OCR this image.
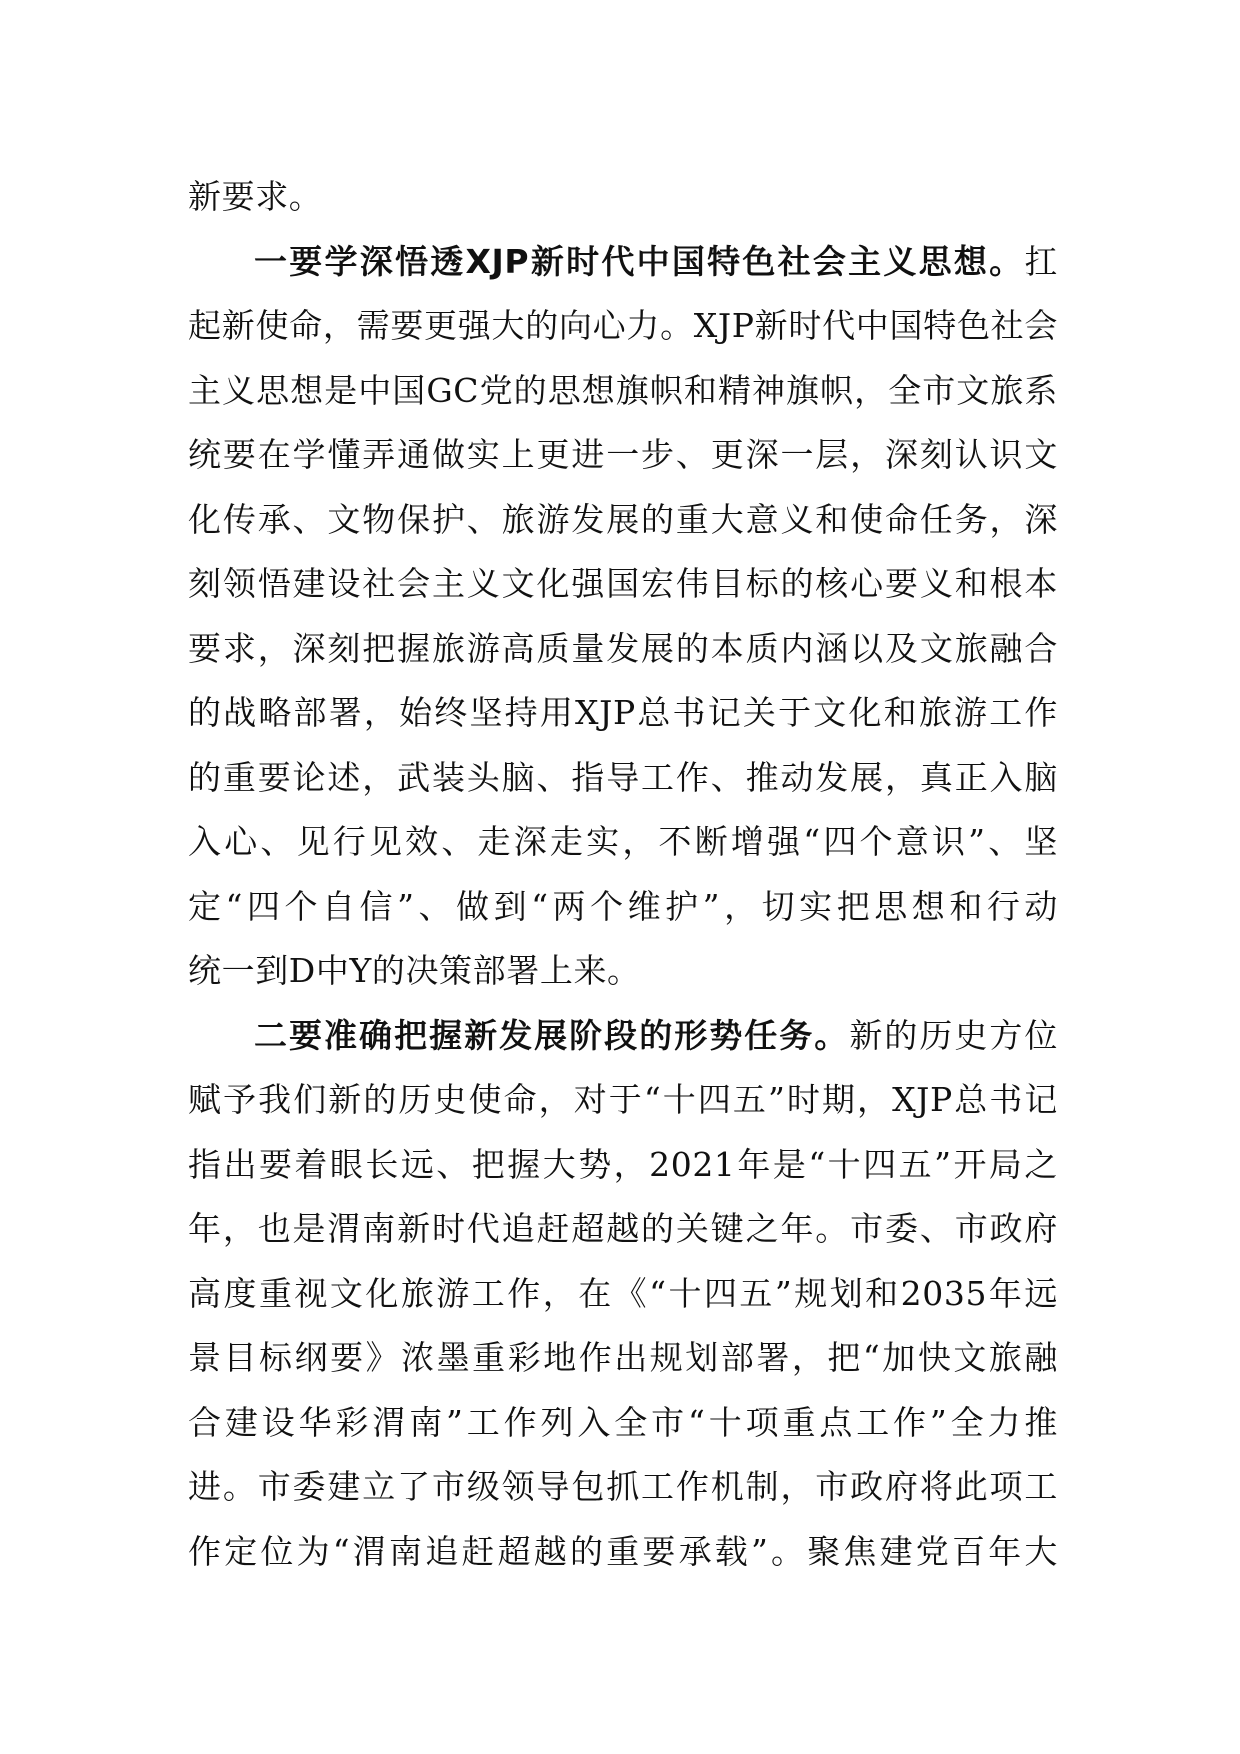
新要求。
一要学深悟透XJP新时代中国特色社会主义思想。扛
起新使命，需要更强大的向心力。XJP新时代中国特色社会
主义思想是中国GC党的思想旗帜和精神旗帜，全市文旅系
统要在学懂弄通做实上更进一步、更深一层，深刻认识文
化传承、文物保护、旅游发展的重大意义和使命任务，深
刻领悟建设社会主义文化强国宏伟目标的核心要义和根本
要求，深刻把握旅游高质量发展的本质内涵以及文旅融合
的战略部署，始终坚持用XJP总书记关于文化和旅游工作
的重要论述，武装头脑、指导工作、推动发展，真正入脑
入心、见行见效、走深走实，不断增强“四个意识”、坚
定“四个自信”、做到“两个维护”，切实把思想和行动
统一到D中Y的决策部署上来。
二要准确把握新发展阶段的形势任务。新的历史方位
赋予我们新的历史使命，对于“十四五”时期，XJP总书记
指出要着眼长远、把握大势，2021年是“十四五”开局之
年，也是渭南新时代追赶超越的关键之年。市委、市政府
高度重视文化旅游工作，在《“十四五”规划和2035年远
景目标纲要》浓墨重彩地作出规划部署，把“加快文旅融
合建设华彩渭南”工作列入全市“十项重点工作”全力推
进。市委建立了市级领导包抓工作机制，市政府将此项工
作定位为“渭南追赶超越的重要承载”。聚焦建党百年大
